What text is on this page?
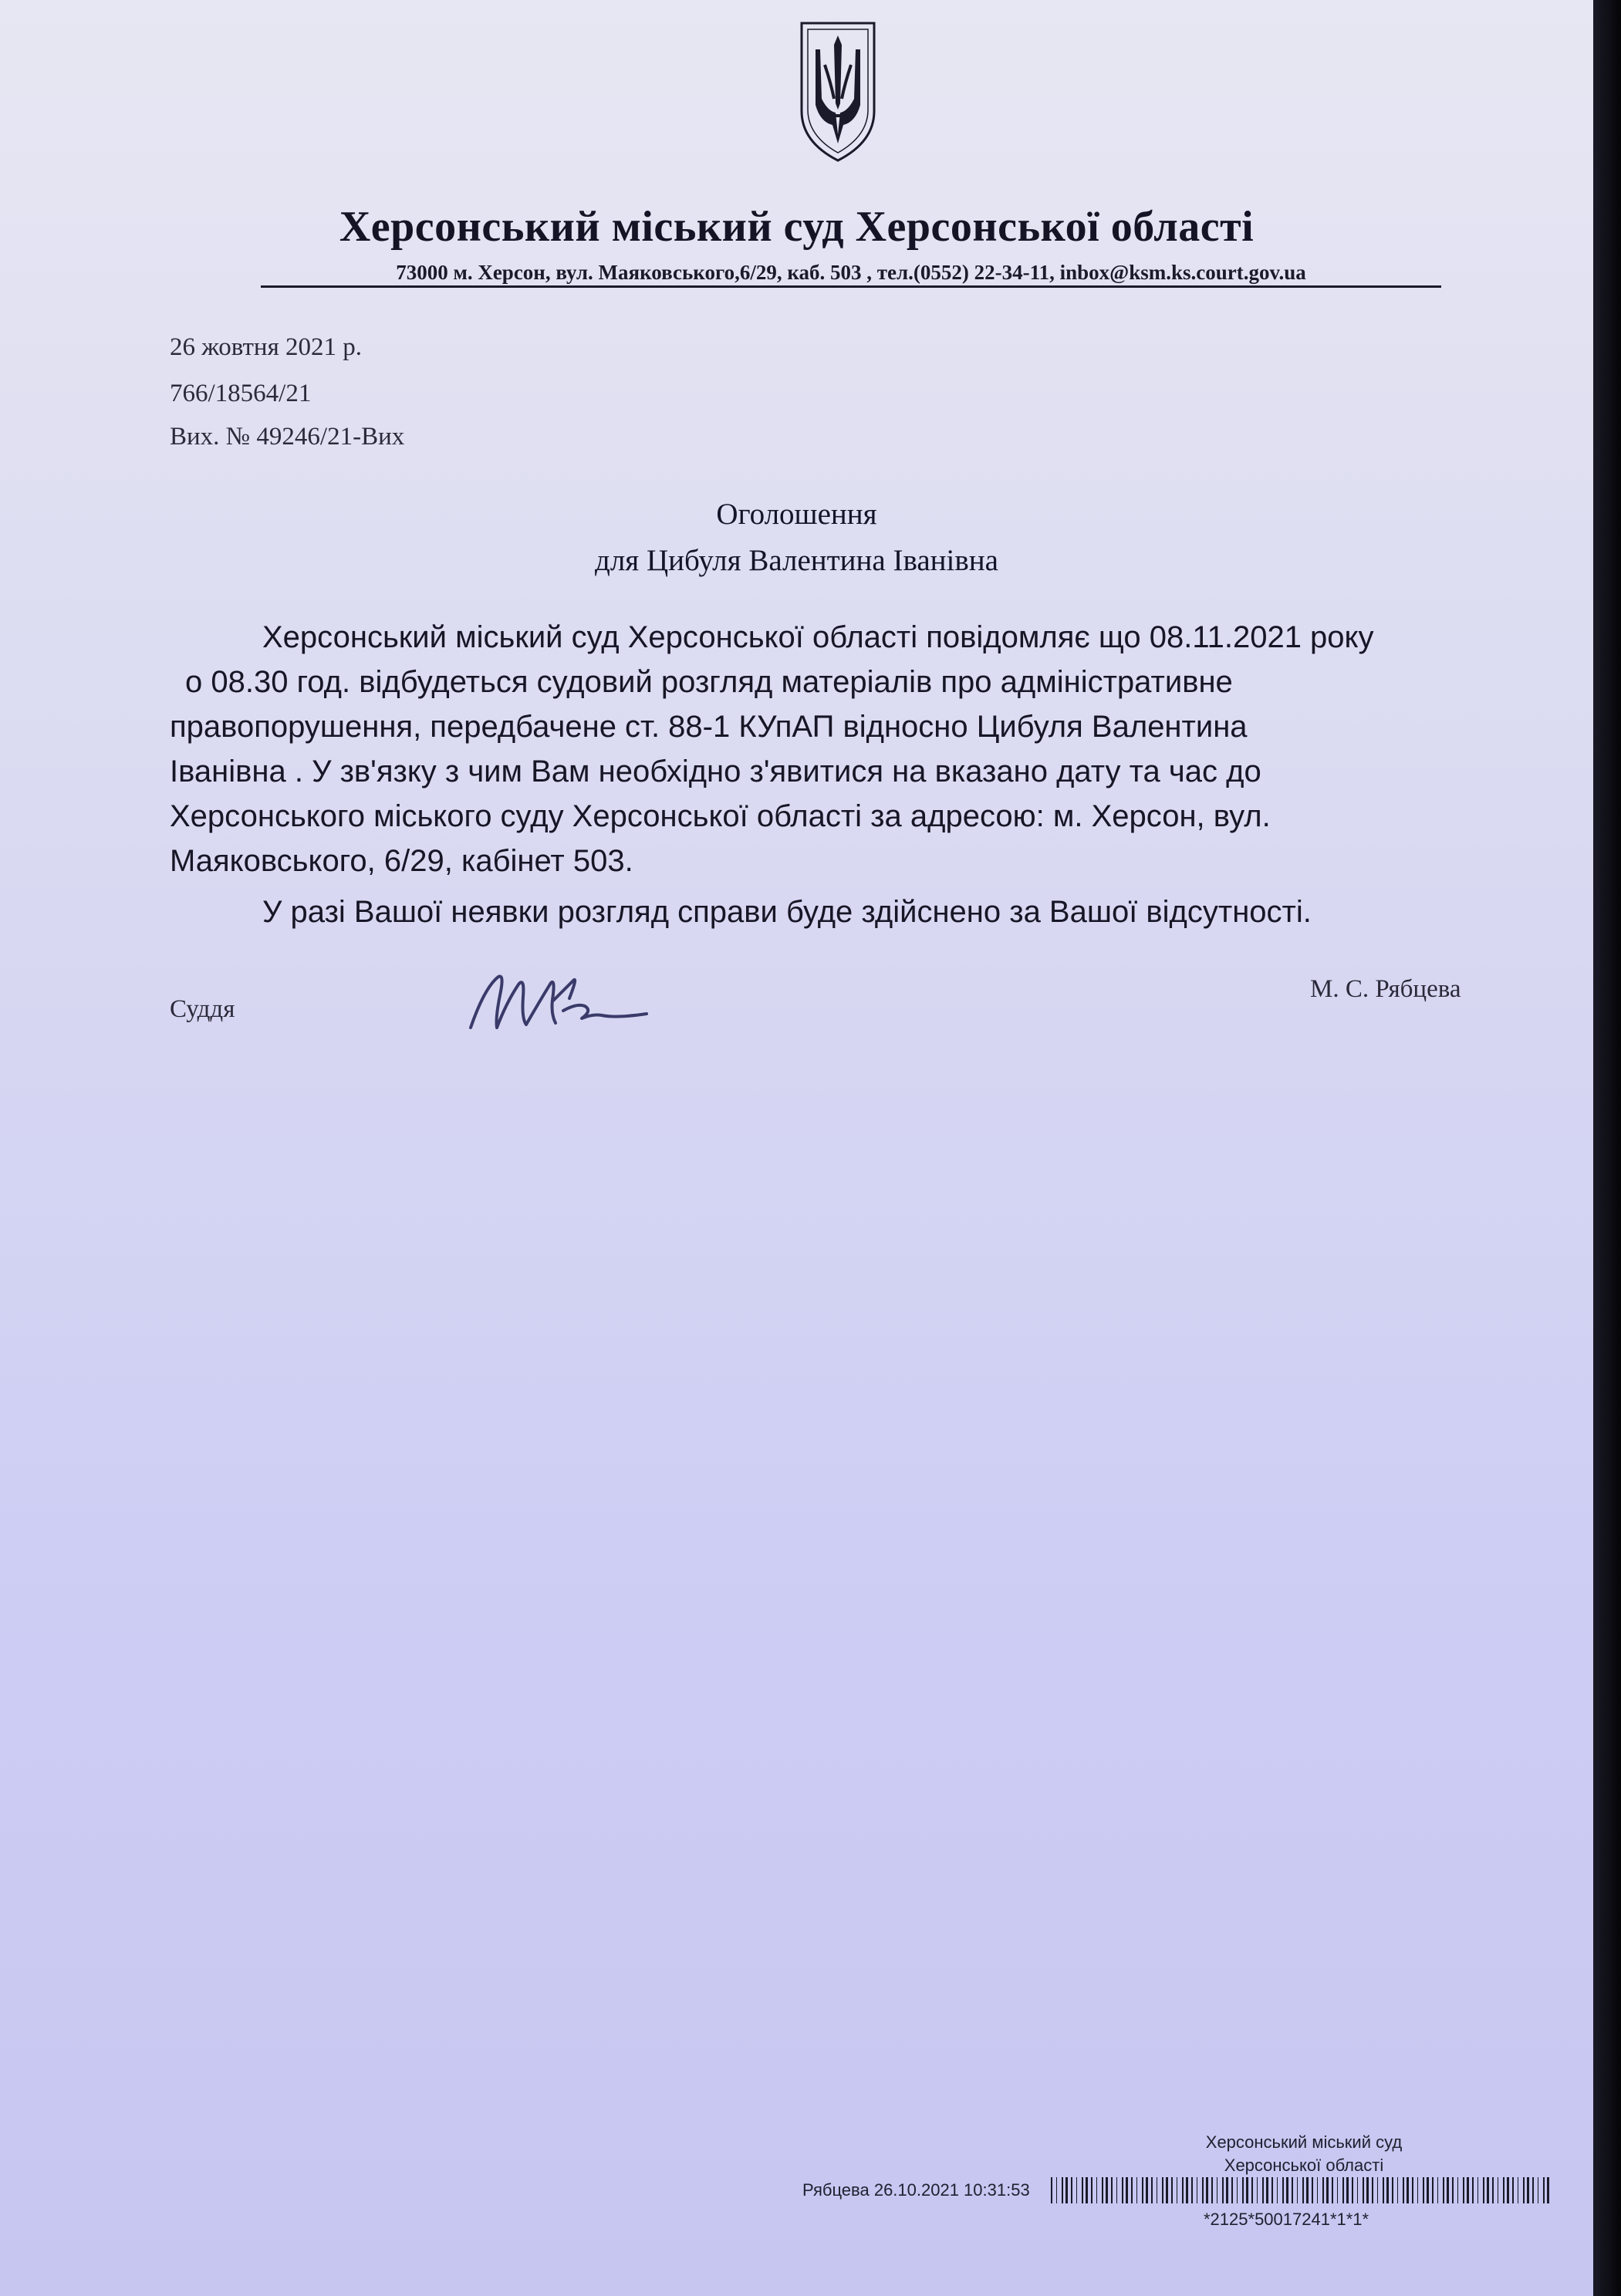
Херсонський міський суд Херсонської області
73000 м. Херсон, вул. Маяковського,6/29, каб. 503 , тел.(0552) 22-34-11, inbox@ksm.ks.court.gov.ua
26 жовтня 2021 р.
766/18564/21
Вих. № 49246/21-Вих
Оголошення
для Цибуля Валентина Іванівна
Херсонський міський суд Херсонської області повідомляє що 08.11.2021 року
о 08.30 год. відбудеться судовий розгляд матеріалів про адміністративне
правопорушення, передбачене ст. 88-1 КУпАП відносно Цибуля Валентина
Іванівна . У зв'язку з чим Вам необхідно з'явитися на вказано дату та час до
Херсонського міського суду Херсонської області за адресою: м. Херсон, вул.
Маяковського, 6/29, кабінет 503.
У разі Вашої неявки розгляд справи буде здійснено за Вашої відсутності.
Суддя
М. С. Рябцева
Херсонський міський суд
Херсонської області
Рябцева 26.10.2021 10:31:53
*2125*50017241*1*1*
